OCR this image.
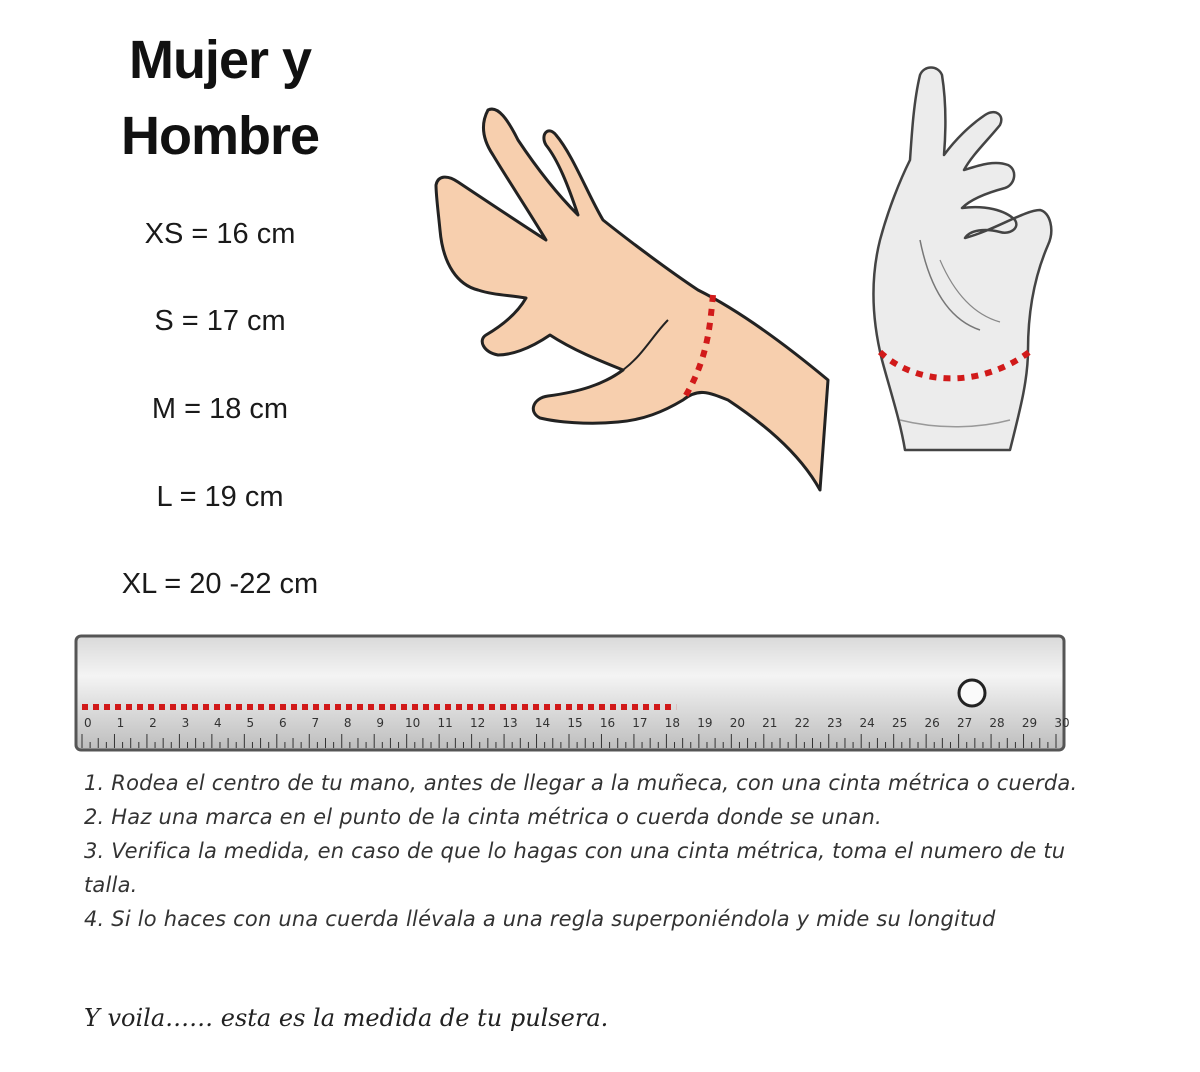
Mujer y
Hombre
XS = 16 cm
S = 17 cm
M = 18 cm
L = 19 cm
XL = 20 -22 cm
0 1 2 3 4 5 6 7 8 9 10 11 12 13 14 15 16 17 18 19 20 21 22 23 24 25 26 27 28 29 30

1. Rodea el centro de tu mano, antes de llegar a la muñeca, con una cinta métrica o cuerda.

2. Haz una marca en el punto de la cinta métrica o cuerda donde se unan.

3. Verifica la medida, en caso de que lo hagas con una cinta métrica, toma el numero de tu talla.

4. Si lo haces con una cuerda llévala a una regla superponiéndola y mide su longitud

Y voila…… esta es la medida de tu pulsera.
